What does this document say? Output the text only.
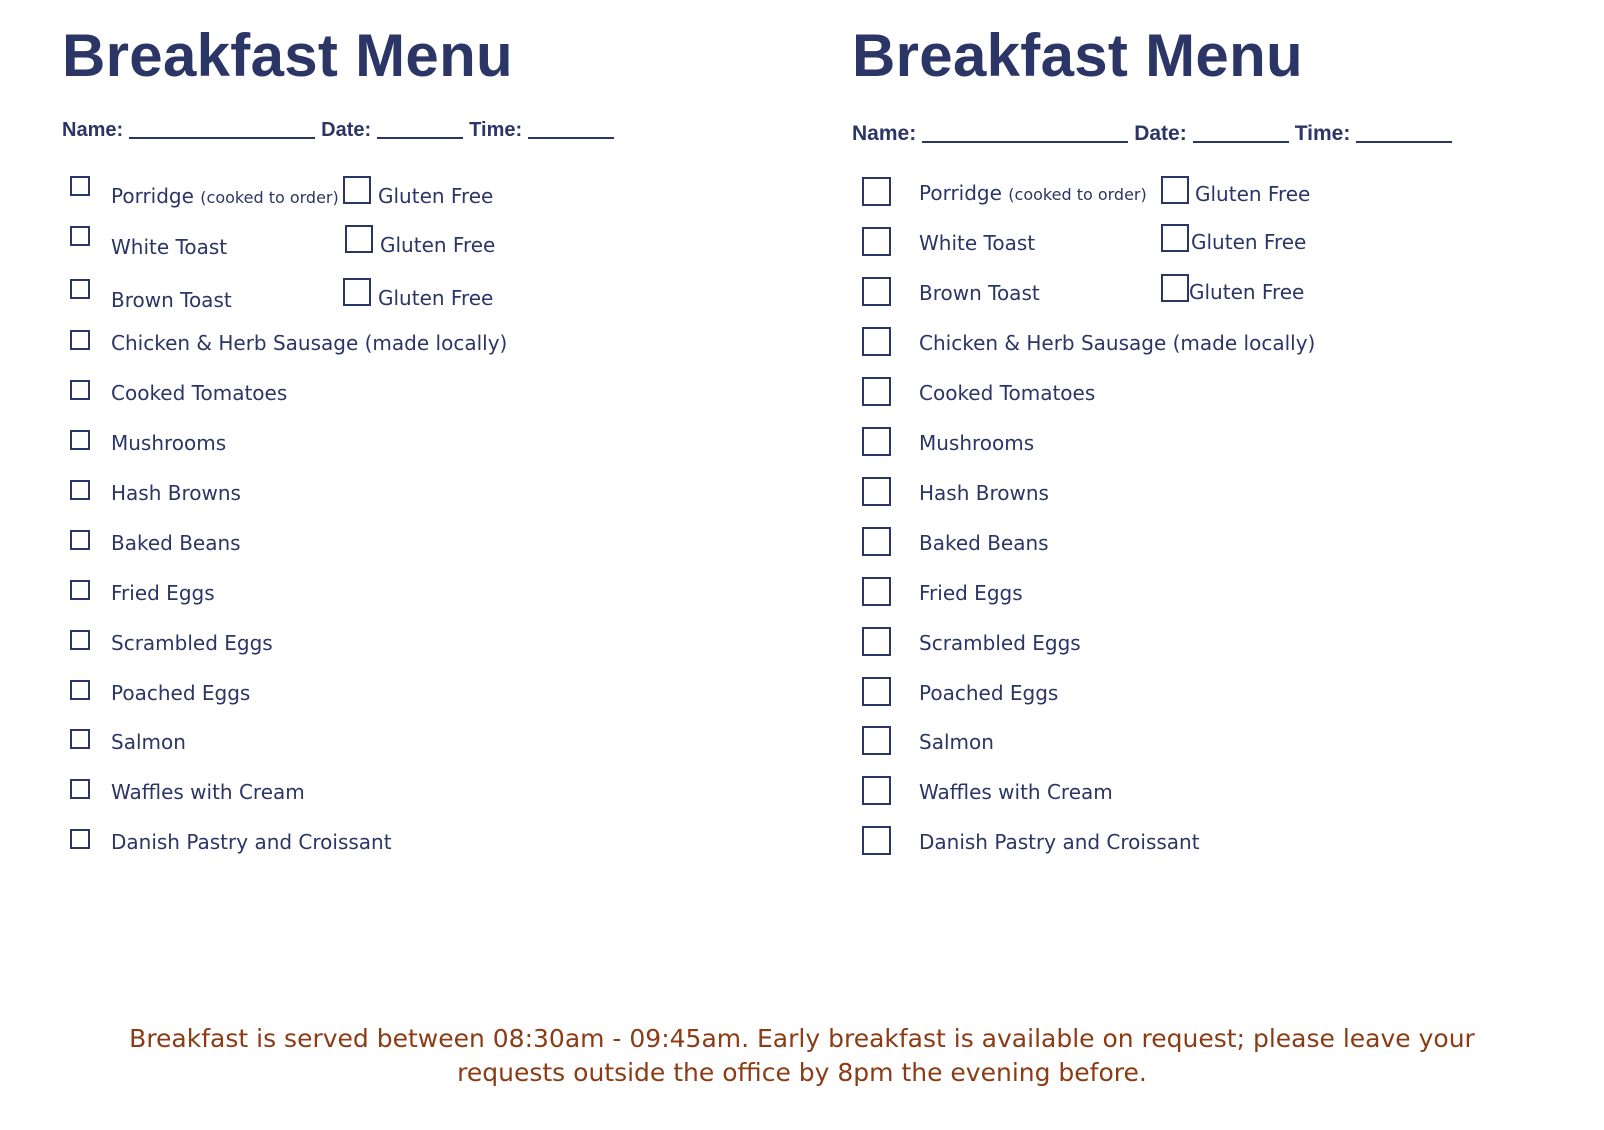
Breakfast Menu
Name:	Date:	Time:
Porridge (cooked to order) Gluten Free
White Toast	Gluten Free
Brown Toast	Gluten Free
Chicken & Herb Sausage (made locally)
Cooked Tomatoes
Mushrooms
Hash Browns
Baked Beans
Fried Eggs
Scrambled Eggs
Poached Eggs
Salmon
Waffles with Cream
Danish Pastry and Croissant
Breakfast Menu
Name:	Date:	Time:
Porridge (cooked to order) Gluten Free
White Toast	Gluten Free
Brown Toast	Gluten Free
Chicken & Herb Sausage (made locally)
Cooked Tomatoes
Mushrooms
Hash Browns
Baked Beans
Fried Eggs
Scrambled Eggs
Poached Eggs
Salmon
Waffles with Cream
Danish Pastry and Croissant
Breakfast is served between 08:30am - 09:45am. Early breakfast is available on request; please leave your
requests outside the office by 8pm the evening before.
